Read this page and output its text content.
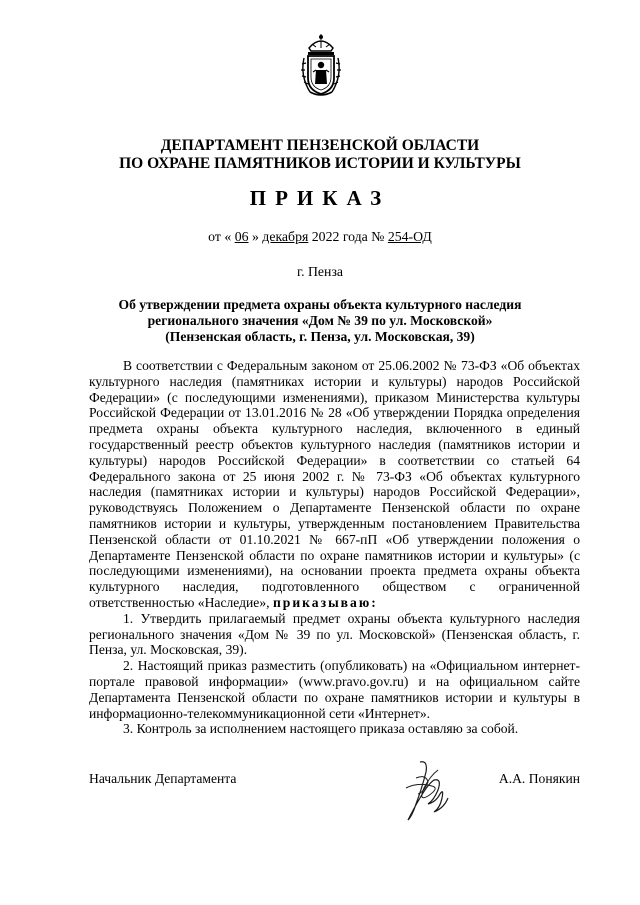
ДЕПАРТАМЕНТ ПЕНЗЕНСКОЙ ОБЛАСТИ
ПО ОХРАНЕ ПАМЯТНИКОВ ИСТОРИИ И КУЛЬТУРЫ
ПРИКАЗ
от « 06 » декабря 2022 года № 254-ОД
г. Пенза
Об утверждении предмета охраны объекта культурного наследия регионального значения «Дом № 39 по ул. Московской» (Пензенская область, г. Пенза, ул. Московская, 39)

В соответствии с Федеральным законом от 25.06.2002 № 73-ФЗ «Об объектах культурного наследия (памятниках истории и культуры) народов Российской Федерации» (с последующими изменениями), приказом Министерства культуры Российской Федерации от 13.01.2016 № 28 «Об утверждении Порядка определения предмета охраны объекта культурного наследия, включенного в единый государственный реестр объектов культурного наследия (памятников истории и культуры) народов Российской Федерации» в соответствии со статьей 64 Федерального закона от 25 июня 2002 г. № 73-ФЗ «Об объектах культурного наследия (памятниках истории и культуры) народов Российской Федерации», руководствуясь Положением о Департаменте Пензенской области по охране памятников истории и культуры, утвержденным постановлением Правительства Пензенской области от 01.10.2021 № 667-пП «Об утверждении положения о Департаменте Пензенской области по охране памятников истории и культуры» (с последующими изменениями), на основании проекта предмета охраны объекта культурного наследия, подготовленного обществом с ограниченной ответственностью «Наследие», приказываю:

1. Утвердить прилагаемый предмет охраны объекта культурного наследия регионального значения «Дом № 39 по ул. Московской» (Пензенская область, г. Пенза, ул. Московская, 39).

2. Настоящий приказ разместить (опубликовать) на «Официальном интернет-портале правовой информации» (www.pravo.gov.ru) и на официальном сайте Департамента Пензенской области по охране памятников истории и культуры в информационно-телекоммуникационной сети «Интернет».

3. Контроль за исполнением настоящего приказа оставляю за собой.

Начальник Департамента	А.А. Понякин
